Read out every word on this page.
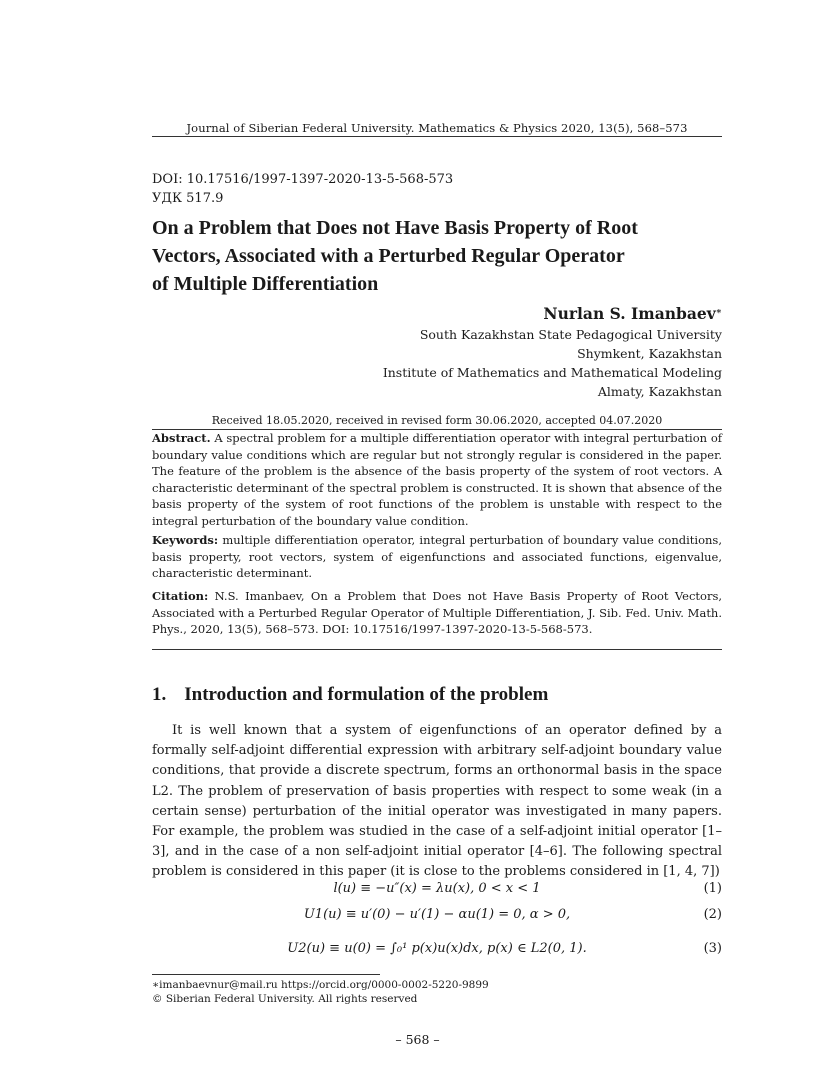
Journal of Siberian Federal University. Mathematics & Physics 2020, 13(5), 568–573
DOI: 10.17516/1997-1397-2020-13-5-568-573
УДК 517.9
On a Problem that Does not Have Basis Property of Root
Vectors, Associated with a Perturbed Regular Operator
of Multiple Differentiation
Nurlan S. Imanbaev∗
South Kazakhstan State Pedagogical University
Shymkent, Kazakhstan
Institute of Mathematics and Mathematical Modeling
Almaty, Kazakhstan
Received 18.05.2020, received in revised form 30.06.2020, accepted 04.07.2020
Abstract. A spectral problem for a multiple differentiation operator with integral perturbation of boundary value conditions which are regular but not strongly regular is considered in the paper. The feature of the problem is the absence of the basis property of the system of root vectors. A characteristic determinant of the spectral problem is constructed. It is shown that absence of the basis property of the system of root functions of the problem is unstable with respect to the integral perturbation of the boundary value condition.
Keywords: multiple differentiation operator, integral perturbation of boundary value conditions, basis property, root vectors, system of eigenfunctions and associated functions, eigenvalue, characteristic determinant.
Citation: N.S. Imanbaev, On a Problem that Does not Have Basis Property of Root Vectors, Associated with a Perturbed Regular Operator of Multiple Differentiation, J. Sib. Fed. Univ. Math. Phys., 2020, 13(5), 568–573. DOI: 10.17516/1997-1397-2020-13-5-568-573.
1. Introduction and formulation of the problem
It is well known that a system of eigenfunctions of an operator defined by a formally self-adjoint differential expression with arbitrary self-adjoint boundary value conditions, that provide a discrete spectrum, forms an orthonormal basis in the space L2. The problem of preservation of basis properties with respect to some weak (in a certain sense) perturbation of the initial operator was investigated in many papers. For example, the problem was studied in the case of a self-adjoint initial operator [1–3], and in the case of a non self-adjoint initial operator [4–6]. The following spectral problem is considered in this paper (it is close to the problems considered in [1, 4, 7])
l(u) ≡ −u″(x) = λu(x), 0 < x < 1	(1)
U1(u) ≡ u′(0) − u′(1) − αu(1) = 0, α > 0,	(2)
U2(u) ≡ u(0) = ∫₀¹ p(x)u(x)dx, p(x) ∈ L2(0, 1).	(3)
∗imanbaevnur@mail.ru https://orcid.org/0000-0002-5220-9899
© Siberian Federal University. All rights reserved
– 568 –
